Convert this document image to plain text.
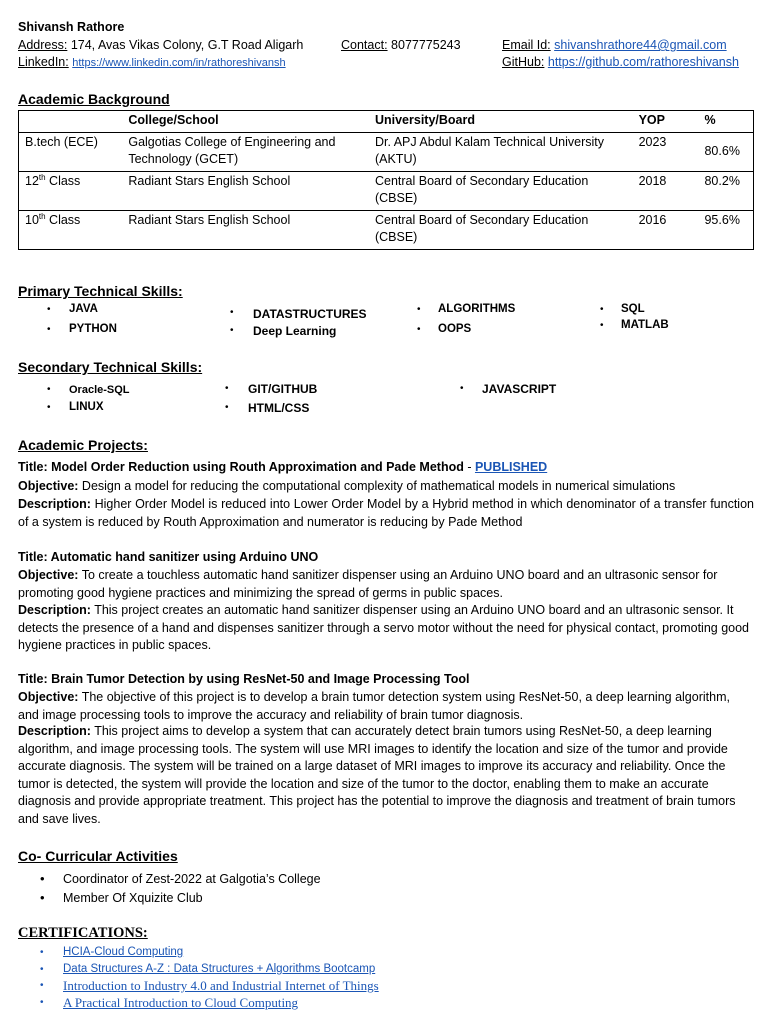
Shivansh Rathore
Address: 174, Avas Vikas Colony, G.T Road Aligarh	Contact: 8077775243	Email Id: shivanshrathore44@gmail.com
LinkedIn: https://www.linkedin.com/in/rathoreshivansh	GitHub: https://github.com/rathoreshivansh
Academic Background
	College/School	University/Board	YOP	%
B.tech (ECE)	Galgotias College of Engineering and Technology (GCET)	Dr. APJ Abdul Kalam Technical University (AKTU)	2023	80.6%
12th Class	Radiant Stars English School	Central Board of Secondary Education (CBSE)	2018	80.2%
10th Class	Radiant Stars English School	Central Board of Secondary Education (CBSE)	2016	95.6%
Primary Technical Skills:
• JAVA
• PYTHON
• DATASTRUCTURES
• Deep Learning
• ALGORITHMS
• OOPS
• SQL
• MATLAB
Secondary Technical Skills:
• Oracle-SQL
• LINUX
• GIT/GITHUB
• HTML/CSS
• JAVASCRIPT
Academic Projects:
Title: Model Order Reduction using Routh Approximation and Pade Method - PUBLISHED
Objective: Design a model for reducing the computational complexity of mathematical models in numerical simulations
Description: Higher Order Model is reduced into Lower Order Model by a Hybrid method in which denominator of a transfer function of a system is reduced by Routh Approximation and numerator is reducing by Pade Method
Title: Automatic hand sanitizer using Arduino UNO
Objective: To create a touchless automatic hand sanitizer dispenser using an Arduino UNO board and an ultrasonic sensor for promoting good hygiene practices and minimizing the spread of germs in public spaces.
Description: This project creates an automatic hand sanitizer dispenser using an Arduino UNO board and an ultrasonic sensor. It detects the presence of a hand and dispenses sanitizer through a servo motor without the need for physical contact, promoting good hygiene practices in public spaces.
Title: Brain Tumor Detection by using ResNet-50 and Image Processing Tool
Objective: The objective of this project is to develop a brain tumor detection system using ResNet-50, a deep learning algorithm, and image processing tools to improve the accuracy and reliability of brain tumor diagnosis.
Description: This project aims to develop a system that can accurately detect brain tumors using ResNet-50, a deep learning algorithm, and image processing tools. The system will use MRI images to identify the location and size of the tumor and provide accurate diagnosis. The system will be trained on a large dataset of MRI images to improve its accuracy and reliability. Once the tumor is detected, the system will provide the location and size of the tumor to the doctor, enabling them to make an accurate diagnosis and provide appropriate treatment. This project has the potential to improve the diagnosis and treatment of brain tumors and save lives.
Co- Curricular Activities
• Coordinator of Zest-2022 at Galgotia’s College
• Member Of Xquizite Club
CERTIFICATIONS:
• HCIA-Cloud Computing
• Data Structures A-Z : Data Structures + Algorithms Bootcamp
• Introduction to Industry 4.0 and Industrial Internet of Things
• A Practical Introduction to Cloud Computing
